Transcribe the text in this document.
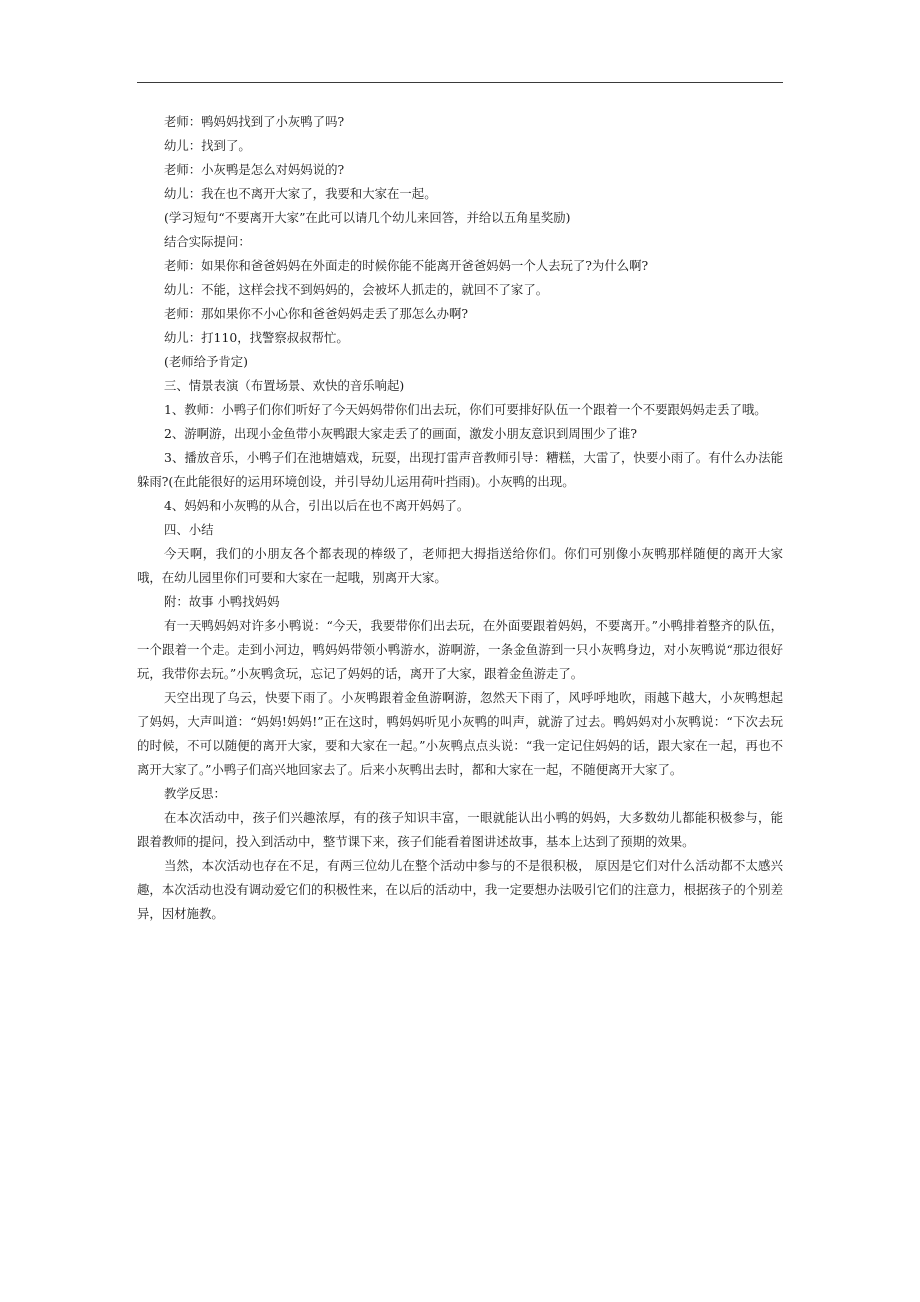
老师：鸭妈妈找到了小灰鸭了吗?
幼儿：找到了。
老师：小灰鸭是怎么对妈妈说的?
幼儿：我在也不离开大家了，我要和大家在一起。
(学习短句“不要离开大家”在此可以请几个幼儿来回答，并给以五角星奖励)
结合实际提问：
老师：如果你和爸爸妈妈在外面走的时候你能不能离开爸爸妈妈一个人去玩了?为什么啊?
幼儿：不能，这样会找不到妈妈的，会被坏人抓走的，就回不了家了。
老师：那如果你不小心你和爸爸妈妈走丢了那怎么办啊?
幼儿：打110，找警察叔叔帮忙。
(老师给予肯定)
三、情景表演（布置场景、欢快的音乐响起)
1、教师：小鸭子们你们听好了今天妈妈带你们出去玩，你们可要排好队伍一个跟着一个不要跟妈妈走丢了哦。
2、游啊游，出现小金鱼带小灰鸭跟大家走丢了的画面，激发小朋友意识到周围少了谁?
3、播放音乐，小鸭子们在池塘嬉戏，玩耍，出现打雷声音教师引导：糟糕，大雷了，快要小雨了。有什么办法能躲雨?(在此能很好的运用环境创设，并引导幼儿运用荷叶挡雨)。小灰鸭的出现。
4、妈妈和小灰鸭的从合，引出以后在也不离开妈妈了。
四、小结
今天啊，我们的小朋友各个都表现的棒级了，老师把大拇指送给你们。你们可别像小灰鸭那样随便的离开大家哦，在幼儿园里你们可要和大家在一起哦，别离开大家。
附：故事 小鸭找妈妈
有一天鸭妈妈对许多小鸭说：“今天，我要带你们出去玩，在外面要跟着妈妈，不要离开。”小鸭排着整齐的队伍，一个跟着一个走。走到小河边，鸭妈妈带领小鸭游水，游啊游，一条金鱼游到一只小灰鸭身边，对小灰鸭说“那边很好玩，我带你去玩。”小灰鸭贪玩，忘记了妈妈的话，离开了大家，跟着金鱼游走了。
天空出现了乌云，快要下雨了。小灰鸭跟着金鱼游啊游，忽然天下雨了，风呼呼地吹，雨越下越大，小灰鸭想起了妈妈，大声叫道：“妈妈!妈妈!”正在这时，鸭妈妈听见小灰鸭的叫声，就游了过去。鸭妈妈对小灰鸭说：“下次去玩的时候，不可以随便的离开大家，要和大家在一起。”小灰鸭点点头说：“我一定记住妈妈的话，跟大家在一起，再也不离开大家了。”小鸭子们高兴地回家去了。后来小灰鸭出去时，都和大家在一起，不随便离开大家了。
教学反思：
在本次活动中，孩子们兴趣浓厚，有的孩子知识丰富，一眼就能认出小鸭的妈妈，大多数幼儿都能积极参与，能跟着教师的提问，投入到活动中，整节课下来，孩子们能看着图讲述故事，基本上达到了预期的效果。
当然，本次活动也存在不足，有两三位幼儿在整个活动中参与的不是很积极， 原因是它们对什么活动都不太感兴趣，本次活动也没有调动爱它们的积极性来，在以后的活动中，我一定要想办法吸引它们的注意力，根据孩子的个别差异，因材施教。
